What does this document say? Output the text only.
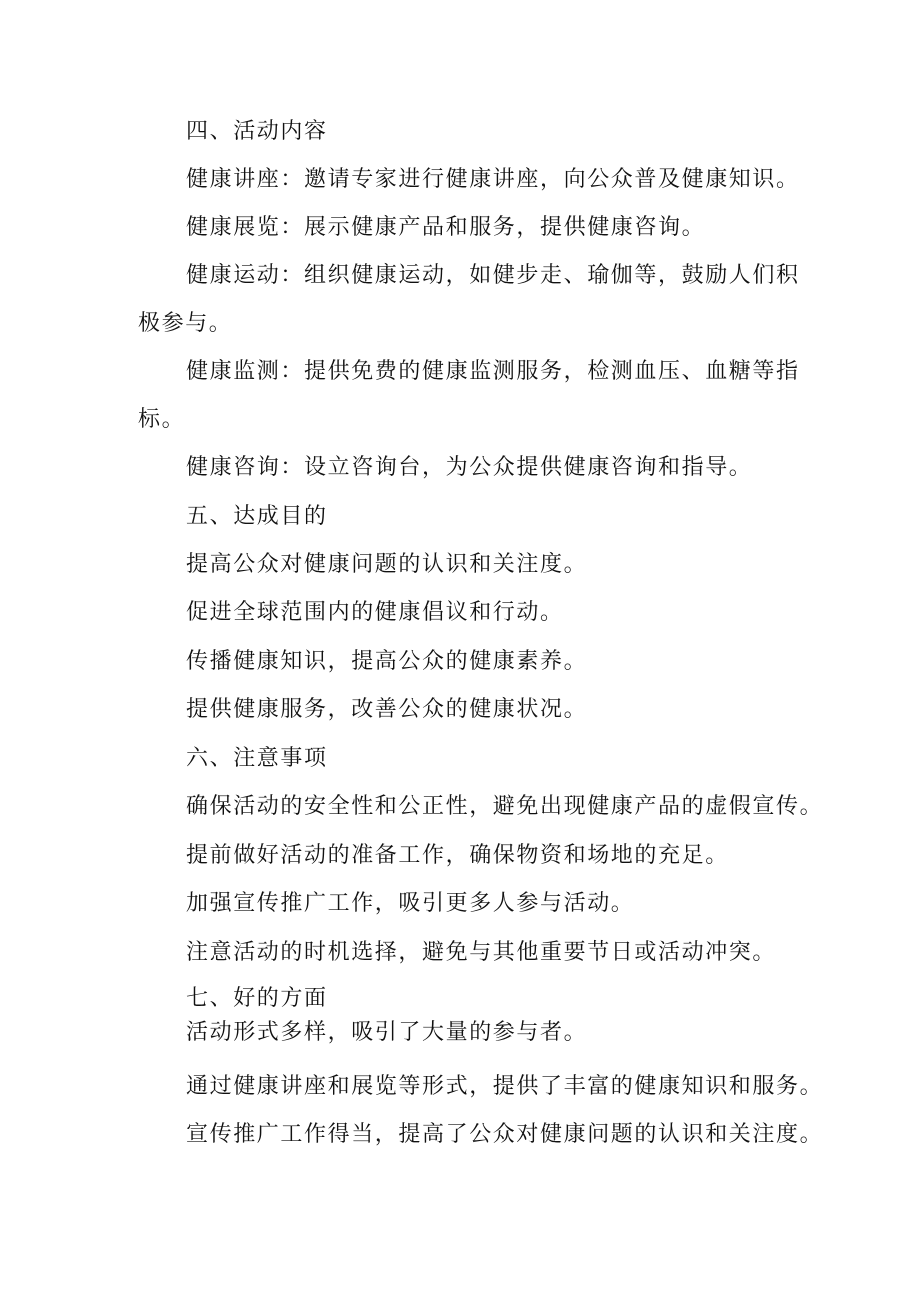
四、活动内容
健康讲座：邀请专家进行健康讲座，向公众普及健康知识。
健康展览：展示健康产品和服务，提供健康咨询。
健康运动：组织健康运动，如健步走、瑜伽等，鼓励人们积
极参与。
健康监测：提供免费的健康监测服务，检测血压、血糖等指
标。
健康咨询：设立咨询台，为公众提供健康咨询和指导。
五、达成目的
提高公众对健康问题的认识和关注度。
促进全球范围内的健康倡议和行动。
传播健康知识，提高公众的健康素养。
提供健康服务，改善公众的健康状况。
六、注意事项
确保活动的安全性和公正性，避免出现健康产品的虚假宣传。
提前做好活动的准备工作，确保物资和场地的充足。
加强宣传推广工作，吸引更多人参与活动。
注意活动的时机选择，避免与其他重要节日或活动冲突。
七、好的方面
活动形式多样，吸引了大量的参与者。
通过健康讲座和展览等形式，提供了丰富的健康知识和服务。
宣传推广工作得当，提高了公众对健康问题的认识和关注度。
